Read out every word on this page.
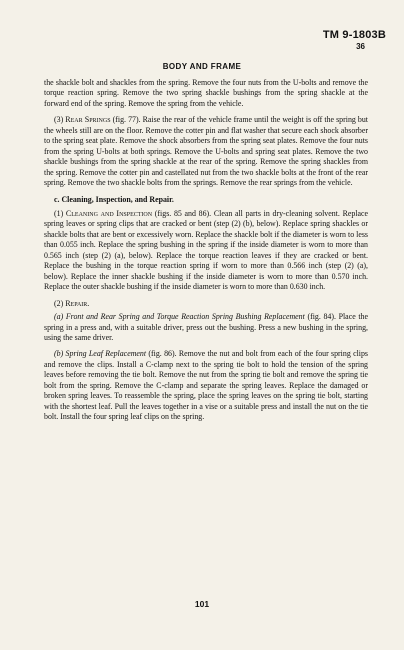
TM 9-1803B
36
BODY AND FRAME

the shackle bolt and shackles from the spring. Remove the four nuts from the U-bolts and remove the torque reaction spring. Remove the two spring shackle bushings from the spring shackle at the forward end of the spring. Remove the spring from the vehicle.

(3) Rear Springs (fig. 77). Raise the rear of the vehicle frame until the weight is off the spring but the wheels still are on the floor. Remove the cotter pin and flat washer that secure each shock absorber to the spring seat plate. Remove the shock absorbers from the spring seat plates. Remove the four nuts from the spring U-bolts at both springs. Remove the U-bolts and spring seat plates. Remove the two shackle bushings from the spring shackle at the rear of the spring. Remove the spring shackles from the spring. Remove the cotter pin and castellated nut from the two shackle bolts at the front of the rear spring. Remove the two shackle bolts from the springs. Remove the rear springs from the vehicle.

c. Cleaning, Inspection, and Repair.

(1) Cleaning and Inspection (figs. 85 and 86). Clean all parts in dry-cleaning solvent. Replace spring leaves or spring clips that are cracked or bent (step (2) (b), below). Replace spring shackles or shackle bolts that are bent or excessively worn. Replace the shackle bolt if the diameter is worn to less than 0.055 inch. Replace the spring bushing in the spring if the inside diameter is worn to more than 0.565 inch (step (2) (a), below). Replace the torque reaction leaves if they are cracked or bent. Replace the bushing in the torque reaction spring if worn to more than 0.566 inch (step (2) (a), below). Replace the inner shackle bushing if the inside diameter is worn to more than 0.570 inch. Replace the outer shackle bushing if the inside diameter is worn to more than 0.630 inch.

(2) Repair.

(a) Front and Rear Spring and Torque Reaction Spring Bushing Replacement (fig. 84). Place the spring in a press and, with a suitable driver, press out the bushing. Press a new bushing in the spring, using the same driver.

(b) Spring Leaf Replacement (fig. 86). Remove the nut and bolt from each of the four spring clips and remove the clips. Install a C-clamp next to the spring tie bolt to hold the tension of the spring leaves before removing the tie bolt. Remove the nut from the spring tie bolt and remove the spring tie bolt from the spring. Remove the C-clamp and separate the spring leaves. Replace the damaged or broken spring leaves. To reassemble the spring, place the spring leaves on the spring tie bolt, starting with the shortest leaf. Pull the leaves together in a vise or a suitable press and install the nut on the tie bolt. Install the four spring leaf clips on the spring.

101
